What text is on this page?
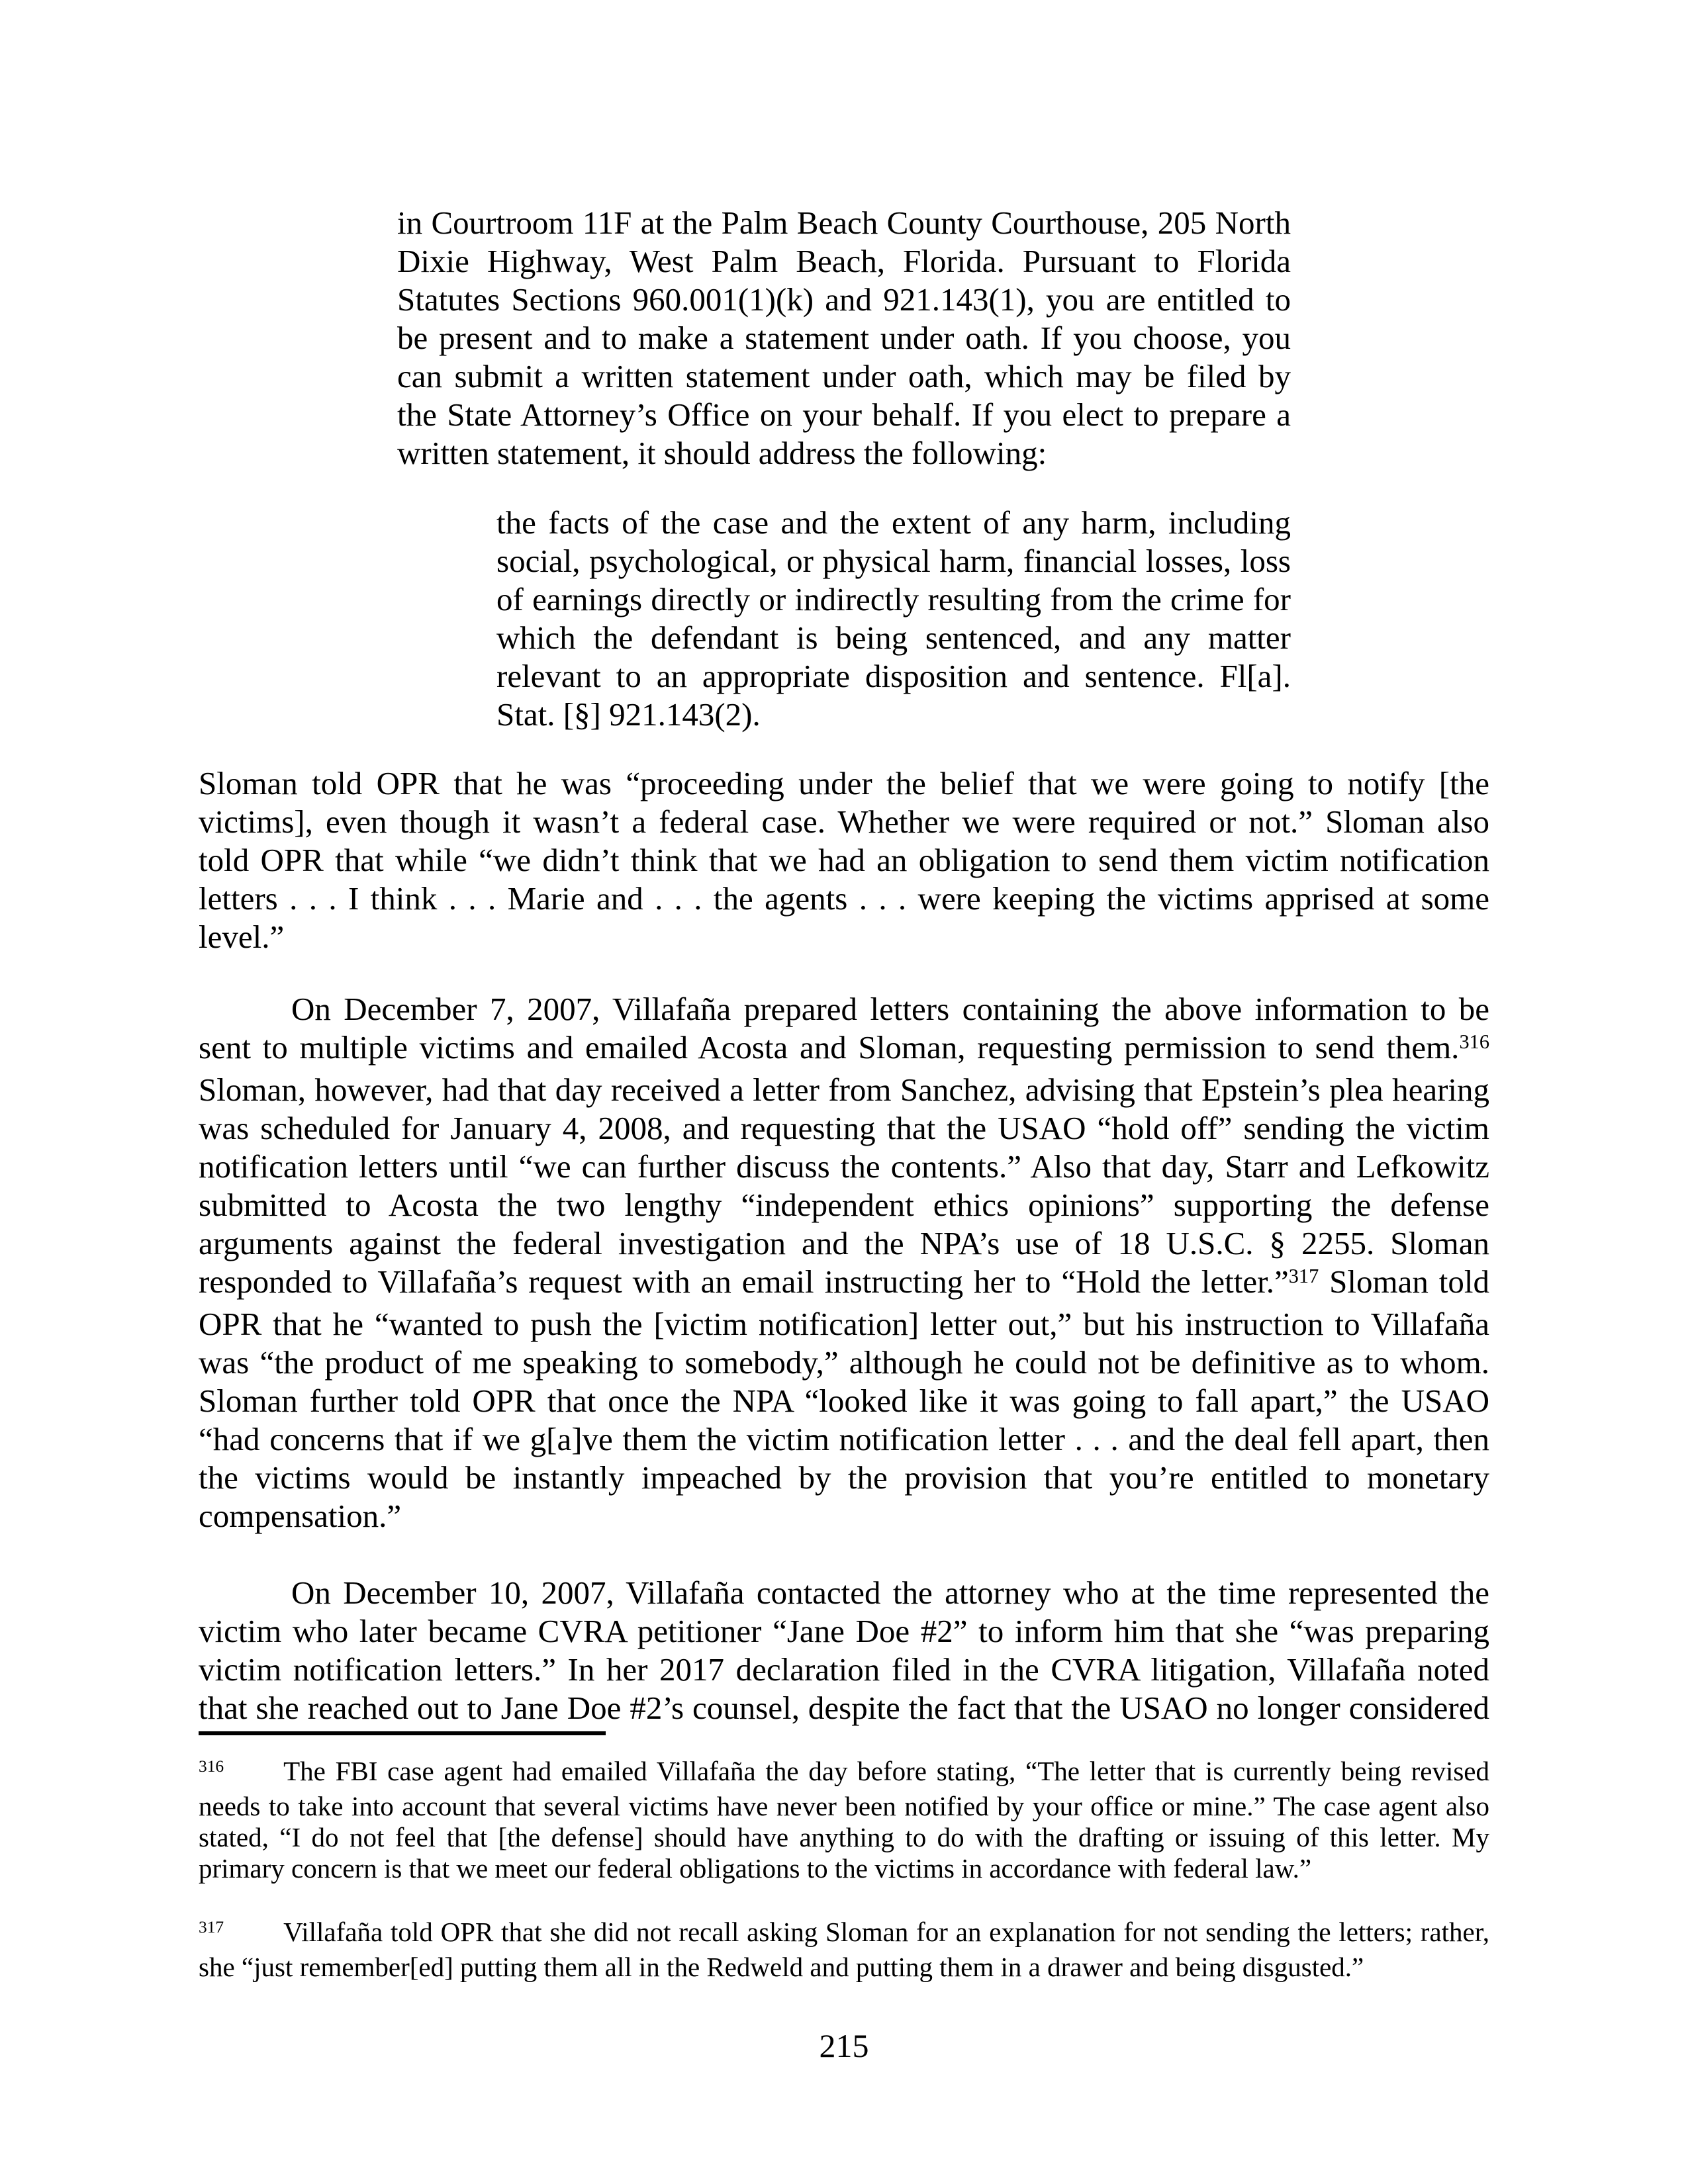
in Courtroom 11F at the Palm Beach County Courthouse, 205 North
Dixie Highway, West Palm Beach, Florida. Pursuant to Florida
Statutes Sections 960.001(1)(k) and 921.143(1), you are entitled to
be present and to make a statement under oath. If you choose, you
can submit a written statement under oath, which may be filed by
the State Attorney’s Office on your behalf. If you elect to prepare a
written statement, it should address the following:
the facts of the case and the extent of any harm, including
social, psychological, or physical harm, financial losses, loss
of earnings directly or indirectly resulting from the crime for
which the defendant is being sentenced, and any matter
relevant to an appropriate disposition and sentence. Fl[a].
Stat. [§] 921.143(2).
Sloman told OPR that he was “proceeding under the belief that we were going to notify [the
victims], even though it wasn’t a federal case. Whether we were required or not.” Sloman also
told OPR that while “we didn’t think that we had an obligation to send them victim notification
letters . . . I think . . . Marie and . . . the agents . . . were keeping the victims apprised at some
level.”
On December 7, 2007, Villafaña prepared letters containing the above information to be
sent to multiple victims and emailed Acosta and Sloman, requesting permission to send them.$^{316}$
Sloman, however, had that day received a letter from Sanchez, advising that Epstein’s plea hearing
was scheduled for January 4, 2008, and requesting that the USAO “hold off” sending the victim
notification letters until “we can further discuss the contents.” Also that day, Starr and Lefkowitz
submitted to Acosta the two lengthy “independent ethics opinions” supporting the defense
arguments against the federal investigation and the NPA’s use of 18 U.S.C. § 2255. Sloman
responded to Villafaña’s request with an email instructing her to “Hold the letter.”$^{317}$ Sloman told
OPR that he “wanted to push the [victim notification] letter out,” but his instruction to Villafaña
was “the product of me speaking to somebody,” although he could not be definitive as to whom.
Sloman further told OPR that once the NPA “looked like it was going to fall apart,” the USAO
“had concerns that if we g[a]ve them the victim notification letter . . . and the deal fell apart, then
the victims would be instantly impeached by the provision that you’re entitled to monetary
compensation.”
On December 10, 2007, Villafaña contacted the attorney who at the time represented the
victim who later became CVRA petitioner “Jane Doe #2” to inform him that she “was preparing
victim notification letters.” In her 2017 declaration filed in the CVRA litigation, Villafaña noted
that she reached out to Jane Doe #2’s counsel, despite the fact that the USAO no longer considered
$^{316}$ The FBI case agent had emailed Villafaña the day before stating, “The letter that is currently being revised
needs to take into account that several victims have never been notified by your office or mine.” The case agent also
stated, “I do not feel that [the defense] should have anything to do with the drafting or issuing of this letter. My
primary concern is that we meet our federal obligations to the victims in accordance with federal law.”
$^{317}$ Villafaña told OPR that she did not recall asking Sloman for an explanation for not sending the letters; rather,
she “just remember[ed] putting them all in the Redweld and putting them in a drawer and being disgusted.”
215
